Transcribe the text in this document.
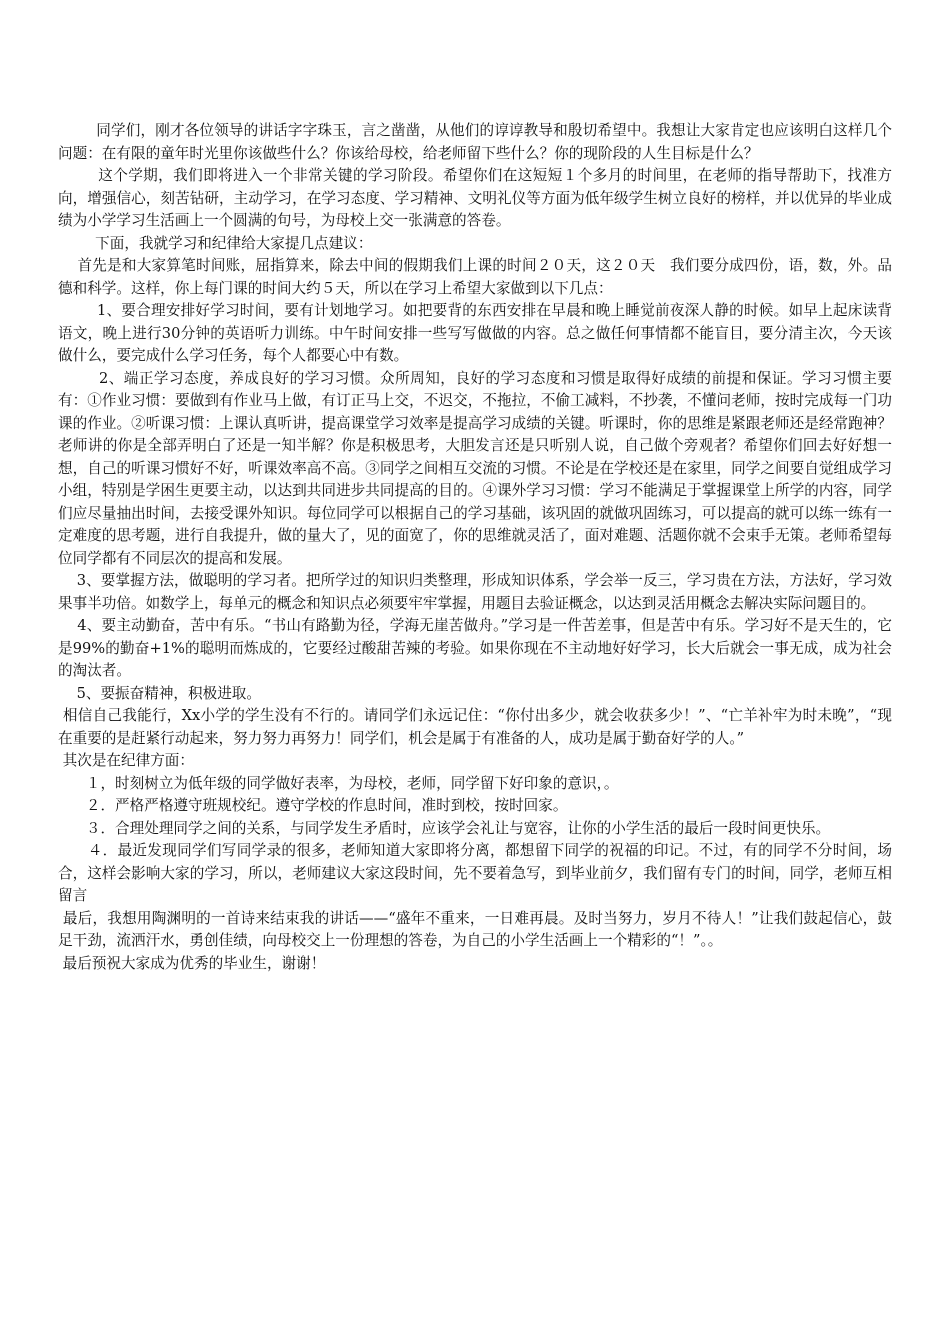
同学们，刚才各位领导的讲话字字珠玉，言之凿凿，从他们的谆谆教导和殷切希望中。我想让大家肯定也应该明白这样几个问题：在有限的童年时光里你该做些什么？你该给母校，给老师留下些什么？你的现阶段的人生目标是什么？

这个学期，我们即将进入一个非常关键的学习阶段。希望你们在这短短１个多月的时间里，在老师的指导帮助下，找准方向，增强信心，刻苦钻研，主动学习，在学习态度、学习精神、文明礼仪等方面为低年级学生树立良好的榜样，并以优异的毕业成绩为小学学习生活画上一个圆满的句号，为母校上交一张满意的答卷。

下面，我就学习和纪律给大家提几点建议：

首先是和大家算笔时间账，屈指算来，除去中间的假期我们上课的时间２０天，这２０天   我们要分成四份，语，数，外。品德和科学。这样，你上每门课的时间大约５天，所以在学习上希望大家做到以下几点：

1、要合理安排好学习时间，要有计划地学习。如把要背的东西安排在早晨和晚上睡觉前夜深人静的时候。如早上起床读背语文，晚上进行30分钟的英语听力训练。中午时间安排一些写写做做的内容。总之做任何事情都不能盲目，要分清主次，今天该做什么，要完成什么学习任务，每个人都要心中有数。

2、端正学习态度，养成良好的学习习惯。众所周知，良好的学习态度和习惯是取得好成绩的前提和保证。学习习惯主要有：①作业习惯：要做到有作业马上做，有订正马上交，不迟交，不拖拉，不偷工减料，不抄袭，不懂问老师，按时完成每一门功课的作业。②听课习惯：上课认真听讲，提高课堂学习效率是提高学习成绩的关键。听课时，你的思维是紧跟老师还是经常跑神？老师讲的你是全部弄明白了还是一知半解？你是积极思考，大胆发言还是只听别人说，自己做个旁观者？希望你们回去好好想一想，自己的听课习惯好不好，听课效率高不高。③同学之间相互交流的习惯。不论是在学校还是在家里，同学之间要自觉组成学习小组，特别是学困生更要主动，以达到共同进步共同提高的目的。④课外学习习惯：学习不能满足于掌握课堂上所学的内容，同学们应尽量抽出时间，去接受课外知识。每位同学可以根据自己的学习基础，该巩固的就做巩固练习，可以提高的就可以练一练有一定难度的思考题，进行自我提升，做的量大了，见的面宽了，你的思维就灵活了，面对难题、活题你就不会束手无策。老师希望每位同学都有不同层次的提高和发展。

3、要掌握方法，做聪明的学习者。把所学过的知识归类整理，形成知识体系，学会举一反三，学习贵在方法，方法好，学习效果事半功倍。如数学上，每单元的概念和知识点必须要牢牢掌握，用题目去验证概念，以达到灵活用概念去解决实际问题目的。

4、要主动勤奋，苦中有乐。“书山有路勤为径，学海无崖苦做舟。”学习是一件苦差事，但是苦中有乐。学习好不是天生的，它是99%的勤奋+1%的聪明而炼成的，它要经过酸甜苦辣的考验。如果你现在不主动地好好学习，长大后就会一事无成，成为社会的淘汰者。

5、要振奋精神，积极进取。

相信自己我能行，Xx小学的学生没有不行的。请同学们永远记住：“你付出多少，就会收获多少！”、“亡羊补牢为时未晚”，“现在重要的是赶紧行动起来，努力努力再努力！同学们，机会是属于有准备的人，成功是属于勤奋好学的人。”

其次是在纪律方面：

１，时刻树立为低年级的同学做好表率，为母校，老师，同学留下好印象的意识，。

２．严格严格遵守班规校纪。遵守学校的作息时间，准时到校，按时回家。

３．合理处理同学之间的关系，与同学发生矛盾时，应该学会礼让与宽容，让你的小学生活的最后一段时间更快乐。

４．最近发现同学们写同学录的很多，老师知道大家即将分离，都想留下同学的祝福的印记。不过，有的同学不分时间，场合，这样会影响大家的学习，所以，老师建议大家这段时间，先不要着急写，到毕业前夕，我们留有专门的时间，同学，老师互相留言

最后，我想用陶渊明的一首诗来结束我的讲话——“盛年不重来，一日难再晨。及时当努力，岁月不待人！”让我们鼓起信心，鼓足干劲，流洒汗水，勇创佳绩，向母校交上一份理想的答卷，为自己的小学生活画上一个精彩的“！”。。

最后预祝大家成为优秀的毕业生，谢谢！
